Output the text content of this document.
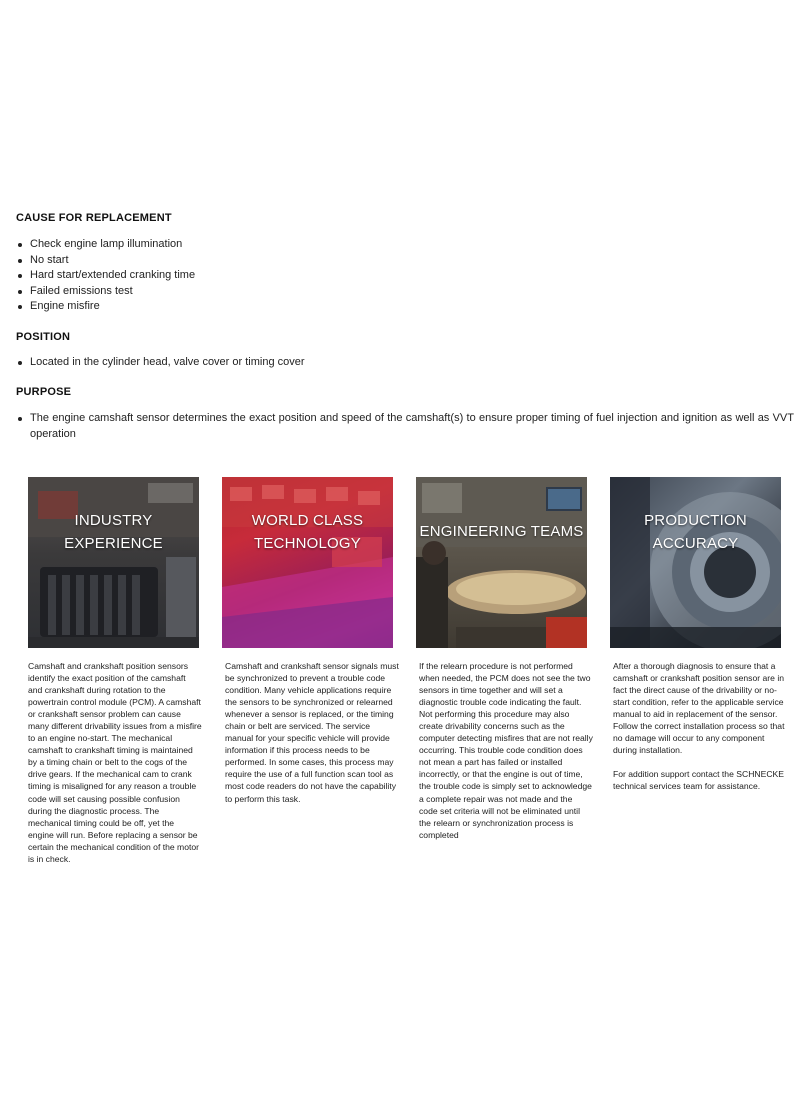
CAUSE FOR REPLACEMENT
Check engine lamp illumination
No start
Hard start/extended cranking time
Failed emissions test
Engine misfire
POSITION
Located in the cylinder head, valve cover or timing cover
PURPOSE
The engine camshaft sensor determines the exact position and speed of the camshaft(s) to ensure proper timing of fuel injection and ignition as well as VVT operation
INDUSTRY
EXPERIENCE
WORLD CLASS
TECHNOLOGY
ENGINEERING TEAMS
PRODUCTION
ACCURACY

Camshaft and crankshaft position sensors identify the exact position of the camshaft and crankshaft during rotation to the powertrain control module (PCM). A camshaft or crankshaft sensor problem can cause many different drivability issues from a misfire to an engine no-start. The mechanical camshaft to crankshaft timing is maintained by a timing chain or belt to the cogs of the drive gears. If the mechanical cam to crank timing is misaligned for any reason a trouble code will set causing possible confusion during the diagnostic process. The mechanical timing could be off, yet the engine will run. Before replacing a sensor be certain the mechanical condition of the motor is in check.

Camshaft and crankshaft sensor signals must be synchronized to prevent a trouble code condition. Many vehicle applications require the sensors to be synchronized or relearned whenever a sensor is replaced, or the timing chain or belt are serviced. The service manual for your specific vehicle will provide information if this process needs to be performed. In some cases, this process may require the use of a full function scan tool as most code readers do not have the capability to perform this task.

If the relearn procedure is not performed when needed, the PCM does not see the two sensors in time together and will set a diagnostic trouble code indicating the fault. Not performing this procedure may also create drivability concerns such as the computer detecting misfires that are not really occurring. This trouble code condition does not mean a part has failed or installed incorrectly, or that the engine is out of time, the trouble code is simply set to acknowledge a complete repair was not made and the code set criteria will not be eliminated until the relearn or synchronization process is completed

After a thorough diagnosis to ensure that a camshaft or crankshaft position sensor are in fact the direct cause of the drivability or no-start condition, refer to the applicable service manual to aid in replacement of the sensor. Follow the correct installation process so that no damage will occur to any component during installation.

For addition support contact the SCHNECKE technical services team for assistance.
